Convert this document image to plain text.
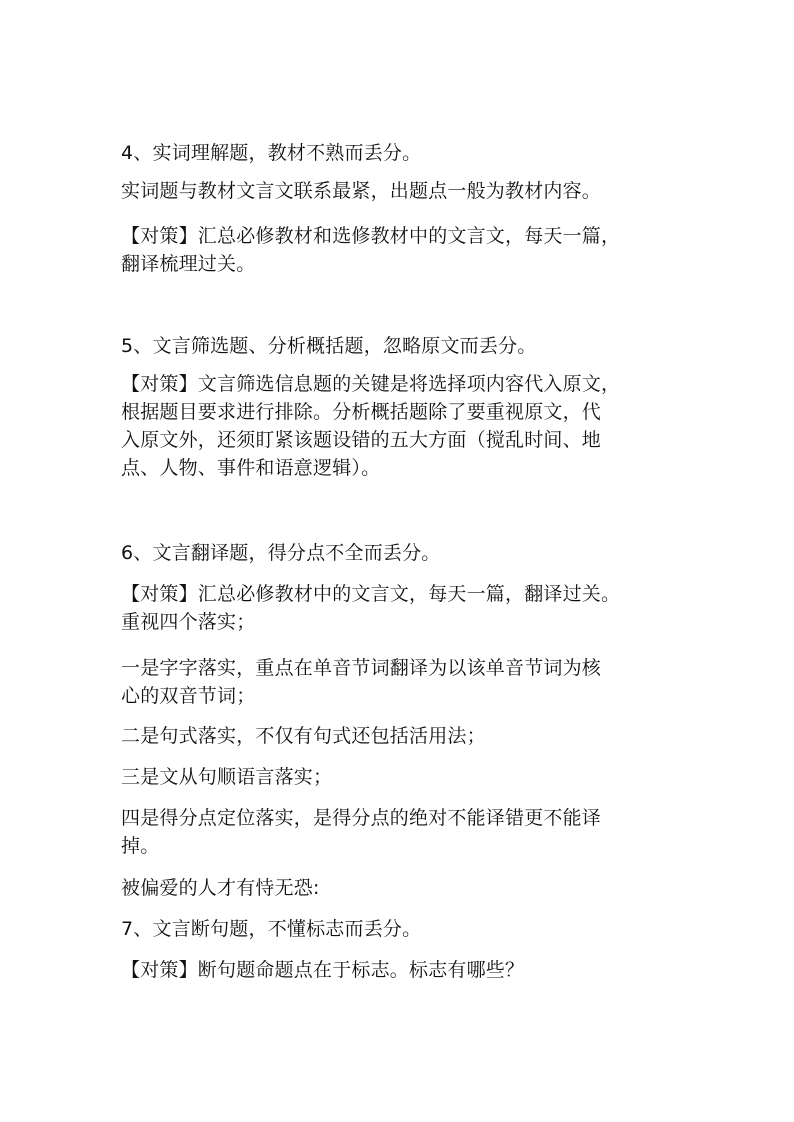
4、实词理解题，教材不熟而丢分。

实词题与教材文言文联系最紧，出题点一般为教材内容。

【对策】汇总必修教材和选修教材中的文言文，每天一篇，
翻译梳理过关。

5、文言筛选题、分析概括题，忽略原文而丢分。

【对策】文言筛选信息题的关键是将选择项内容代入原文，
根据题目要求进行排除。分析概括题除了要重视原文，代
入原文外，还须盯紧该题设错的五大方面（搅乱时间、地
点、人物、事件和语意逻辑）。

6、文言翻译题，得分点不全而丢分。

【对策】汇总必修教材中的文言文，每天一篇，翻译过关。
重视四个落实；

一是字字落实，重点在单音节词翻译为以该单音节词为核
心的双音节词；

二是句式落实，不仅有句式还包括活用法；

三是文从句顺语言落实；

四是得分点定位落实，是得分点的绝对不能译错更不能译
掉。

被偏爱的人才有恃无恐:

7、文言断句题，不懂标志而丢分。

【对策】断句题命题点在于标志。标志有哪些？
